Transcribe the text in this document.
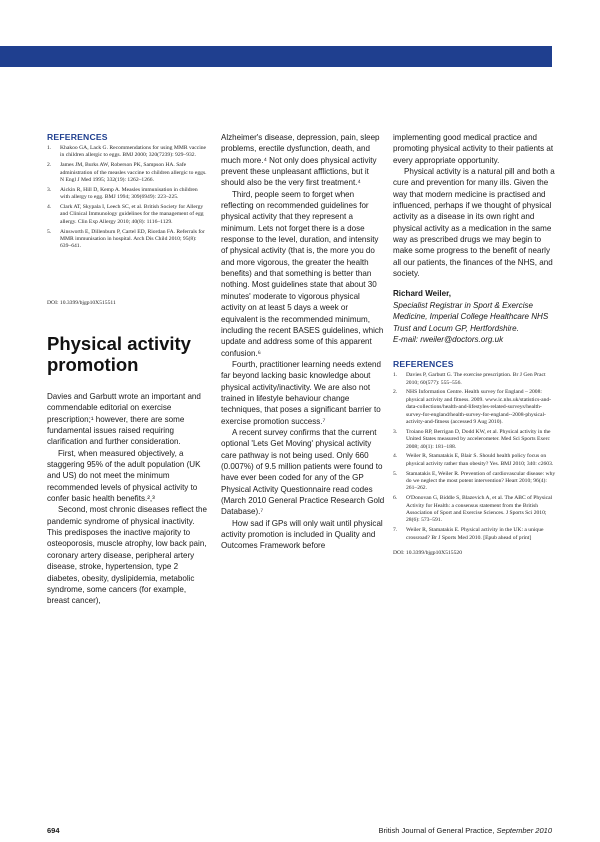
REFERENCES
1. Khakoo GA, Lack G. Recommendations for using MMR vaccine in children allergic to eggs. BMJ 2000; 320(7239): 929–932.
2. James JM, Burks AW, Roberson PK, Sampson HA. Safe administration of the measles vaccine to children allergic to eggs. N Engl J Med 1995; 332(19): 1262–1266.
3. Aickin R, Hill D, Kemp A. Measles immunisation in children with allergy to egg. BMJ 1994; 309(6949): 223–225.
4. Clark AT, Skypala I, Leech SC, et al. British Society for Allergy and Clinical Immunology guidelines for the management of egg allergy. Clin Exp Allergy 2010; 40(8): 1116–1129.
5. Ainsworth E, Dillenburn P, Cartel ED, Riordan FA. Referrals for MMR immunisation in hospital. Arch Dis Child 2010; 95(8): 639–641.
DOI: 10.3399/bjgp10X515511
Physical activity promotion

Davies and Garbutt wrote an important and commendable editorial on exercise prescription;¹ however, there are some fundamental issues raised requiring clarification and further consideration.

First, when measured objectively, a staggering 95% of the adult population (UK and US) do not meet the minimum recommended levels of physical activity to confer basic health benefits.²,³

Second, most chronic diseases reflect the pandemic syndrome of physical inactivity. This predisposes the inactive majority to osteoporosis, muscle atrophy, low back pain, coronary artery disease, peripheral artery disease, stroke, hypertension, type 2 diabetes, obesity, dyslipidemia, metabolic syndrome, some cancers (for example, breast cancer),

Alzheimer's disease, depression, pain, sleep problems, erectile dysfunction, death, and much more.⁴ Not only does physical activity prevent these unpleasant afflictions, but it should also be the very first treatment.⁴

Third, people seem to forget when reflecting on recommended guidelines for physical activity that they represent a minimum. Lets not forget there is a dose response to the level, duration, and intensity of physical activity (that is, the more you do and more vigorous, the greater the health benefits) and that something is better than nothing. Most guidelines state that about 30 minutes' moderate to vigorous physical activity on at least 5 days a week or equivalent is the recommended minimum, including the recent BASES guidelines, which update and address some of this apparent confusion.⁶

Fourth, practitioner learning needs extend far beyond lacking basic knowledge about physical activity/inactivity. We are also not trained in lifestyle behaviour change techniques, that poses a significant barrier to exercise promotion success.⁷

A recent survey confirms that the current optional 'Lets Get Moving' physical activity care pathway is not being used. Only 660 (0.007%) of 9.5 million patients were found to have ever been coded for any of the GP Physical Activity Questionnaire read codes (March 2010 General Practice Research Gold Database).⁷

How sad if GPs will only wait until physical activity promotion is included in Quality and Outcomes Framework before

implementing good medical practice and promoting physical activity to their patients at every appropriate opportunity.

Physical activity is a natural pill and both a cure and prevention for many ills. Given the way that modern medicine is practised and influenced, perhaps if we thought of physical activity as a disease in its own right and physical activity as a medication in the same way as prescribed drugs we may begin to make some progress to the benefit of nearly all our patients, the finances of the NHS, and society.

Richard Weiler,
Specialist Registrar in Sport & Exercise
Medicine, Imperial College Healthcare NHS
Trust and Locum GP, Hertfordshire.
E-mail: rweiler@doctors.org.uk
REFERENCES
1. Davies P, Garbutt G. The exercise prescription. Br J Gen Pract 2010; 60(577): 555–556.
2. NHS Information Centre. Health survey for England – 2008: physical activity and fitness. 2009. www.ic.nhs.uk/statistics-and-data-collections/health-and-lifestyles-related-surveys/health-survey-for-england/health-survey-for-england--2008-physical-activity-and-fitness (accessed 9 Aug 2010).
3. Troiano RP, Berrigan D, Dodd KW, et al. Physical activity in the United States measured by accelerometer. Med Sci Sports Exerc 2008; 40(1): 181–188.
4. Weiler R, Stamatakis E, Blair S. Should health policy focus on physical activity rather than obesity? Yes. BMJ 2010; 340: c2603.
5. Stamatakis E, Weiler R. Prevention of cardiovascular disease: why do we neglect the most potent intervention? Heart 2010; 96(4): 261–262.
6. O'Donovan G, Biddle S, Blazevich A, et al. The ABC of Physical Activity for Health: a consensus statement from the British Association of Sport and Exercise Sciences. J Sports Sci 2010; 28(6): 573–591.
7. Weiler R, Stamatakis E. Physical activity in the UK: a unique crossroad? Br J Sports Med 2010. [Epub ahead of print]
DOI: 10.3399/bjgp10X515520
694	British Journal of General Practice, September 2010
